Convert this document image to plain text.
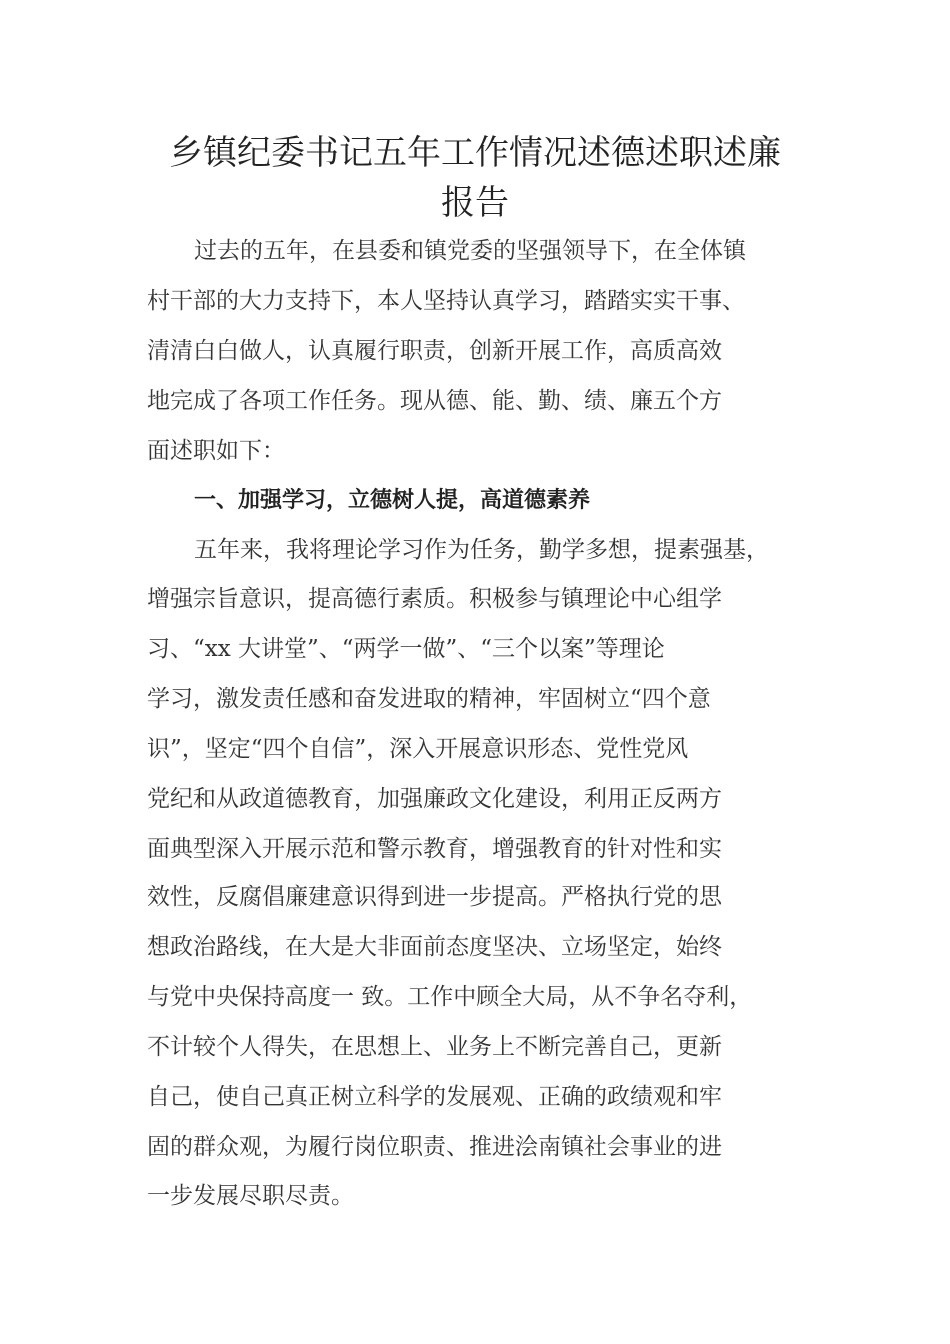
乡镇纪委书记五年工作情况述德述职述廉
报告
过去的五年，在县委和镇党委的坚强领导下，在全体镇
村干部的大力支持下，本人坚持认真学习，踏踏实实干事、
清清白白做人，认真履行职责，创新开展工作，高质高效
地完成了各项工作任务。现从德、能、勤、绩、廉五个方
面述职如下：
一、加强学习，立德树人提，高道德素养
五年来，我将理论学习作为任务，勤学多想，提素强基，
增强宗旨意识，提高德行素质。积极参与镇理论中心组学
习、“xx 大讲堂”、“两学一做”、“三个以案”等理论
学习，激发责任感和奋发进取的精神，牢固树立“四个意
识”，坚定“四个自信”，深入开展意识形态、党性党风
党纪和从政道德教育，加强廉政文化建设，利用正反两方
面典型深入开展示范和警示教育，增强教育的针对性和实
效性，反腐倡廉建意识得到进一步提高。严格执行党的思
想政治路线，在大是大非面前态度坚决、立场坚定，始终
与党中央保持高度一 致。工作中顾全大局，从不争名夺利，
不计较个人得失，在思想上、业务上不断完善自己，更新
自己，使自己真正树立科学的发展观、正确的政绩观和牢
固的群众观，为履行岗位职责、推进浍南镇社会事业的进
一步发展尽职尽责。
